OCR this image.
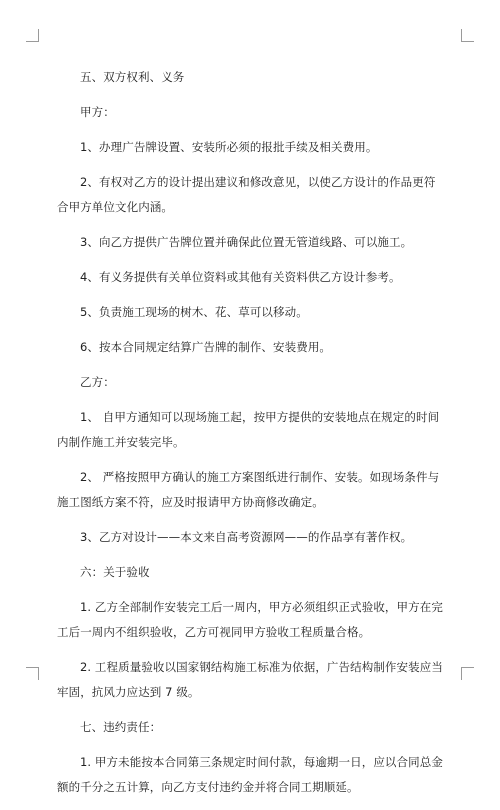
五、双方权利、义务

甲方：

1、办理广告牌设置、安装所必须的报批手续及相关费用。

2、有权对乙方的设计提出建议和修改意见，以使乙方设计的作品更符合甲方单位文化内涵。

3、向乙方提供广告牌位置并确保此位置无管道线路、可以施工。

4、有义务提供有关单位资料或其他有关资料供乙方设计参考。

5、负责施工现场的树木、花、草可以移动。

6、按本合同规定结算广告牌的制作、安装费用。

乙方：

1、 自甲方通知可以现场施工起，按甲方提供的安装地点在规定的时间内制作施工并安装完毕。

2、 严格按照甲方确认的施工方案图纸进行制作、安装。如现场条件与施工图纸方案不符，应及时报请甲方协商修改确定。

3、乙方对设计——本文来自高考资源网——的作品享有著作权。

六：关于验收

1. 乙方全部制作安装完工后一周内，甲方必须组织正式验收，甲方在完工后一周内不组织验收，乙方可视同甲方验收工程质量合格。

2. 工程质量验收以国家钢结构施工标准为依据，广告结构制作安装应当牢固，抗风力应达到 7 级。

七、违约责任：

1. 甲方未能按本合同第三条规定时间付款，每逾期一日，应以合同总金额的千分之五计算，向乙方支付违约金并将合同工期顺延。
